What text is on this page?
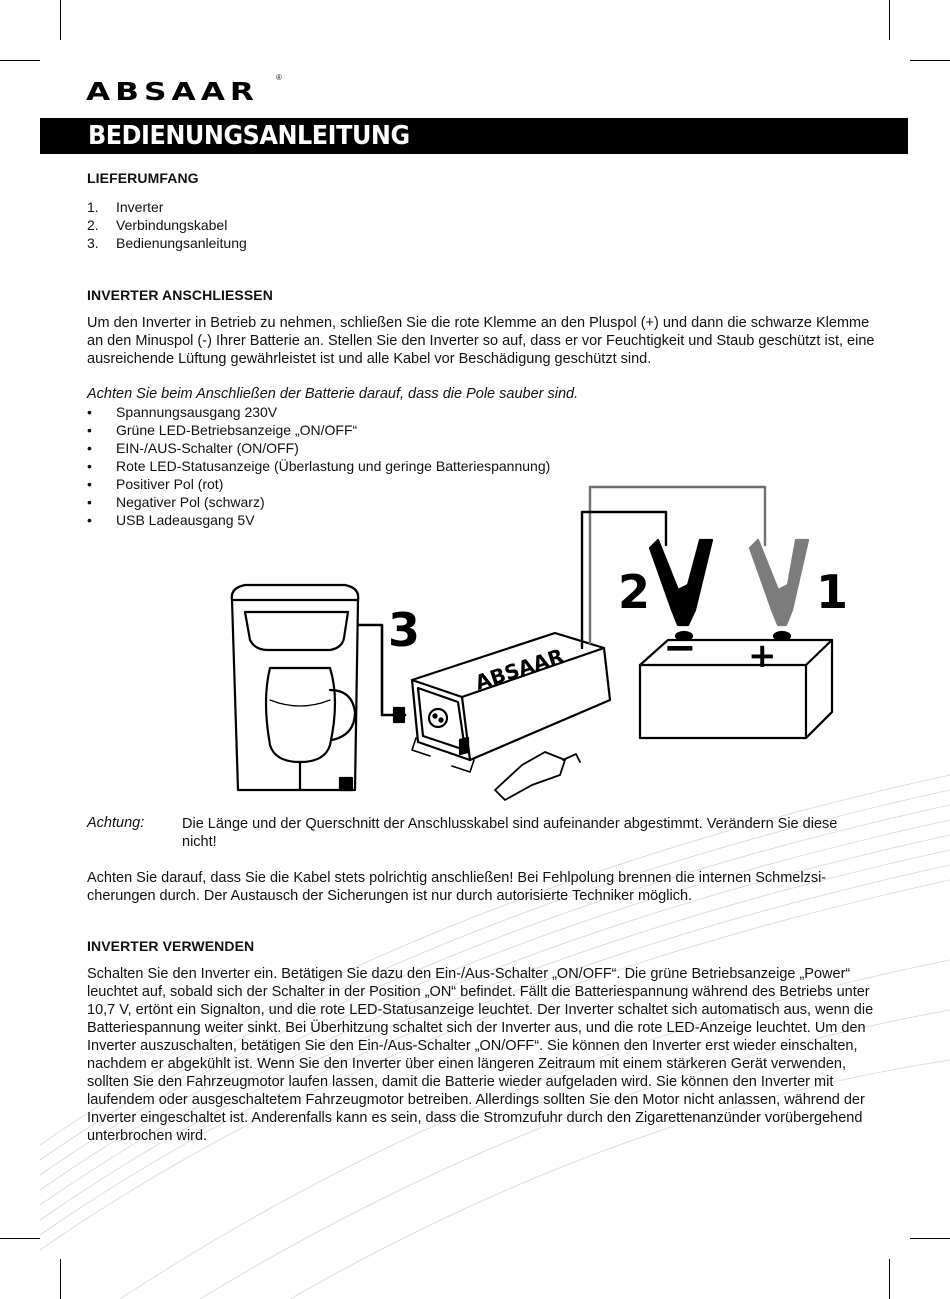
ABSAAR ®
BEDIENUNGSANLEITUNG
LIEFERUMFANG
1. Inverter
2. Verbindungskabel
3. Bedienungsanleitung
INVERTER ANSCHLIESSEN

Um den Inverter in Betrieb zu nehmen, schließen Sie die rote Klemme an den Pluspol (+) und dann die schwarze Klemme an den Minuspol (-) Ihrer Batterie an. Stellen Sie den Inverter so auf, dass er vor Feuchtigkeit und Staub geschützt ist, eine ausreichende Lüftung gewährleistet ist und alle Kabel vor Beschädigung geschützt sind.

Achten Sie beim Anschließen der Batterie darauf, dass die Pole sauber sind.

• Spannungsausgang 230V
• Grüne LED-Betriebsanzeige „ON/OFF“
• EIN-/AUS-Schalter (ON/OFF)
• Rote LED-Statusanzeige (Überlastung und geringe Batteriespannung)
• Positiver Pol (rot)
• Negativer Pol (schwarz)
• USB Ladeausgang 5V
− +
2	1
3
ABSAAR
Achtung:	Die Länge und der Querschnitt der Anschlusskabel sind aufeinander abgestimmt. Verändern Sie diese nicht!

Achten Sie darauf, dass Sie die Kabel stets polrichtig anschließen! Bei Fehlpolung brennen die internen Schmelzsi-cherungen durch. Der Austausch der Sicherungen ist nur durch autorisierte Techniker möglich.

INVERTER VERWENDEN

Schalten Sie den Inverter ein. Betätigen Sie dazu den Ein-/Aus-Schalter „ON/OFF“. Die grüne Betriebsanzeige „Power“ leuchtet auf, sobald sich der Schalter in der Position „ON“ befindet. Fällt die Batteriespannung während des Betriebs unter 10,7 V, ertönt ein Signalton, und die rote LED-Statusanzeige leuchtet. Der Inverter schaltet sich automatisch aus, wenn die Batteriespannung weiter sinkt. Bei Überhitzung schaltet sich der Inverter aus, und die rote LED-Anzeige leuchtet. Um den Inverter auszuschalten, betätigen Sie den Ein-/Aus-Schalter „ON/OFF“. Sie können den Inverter erst wieder einschalten, nachdem er abgekühlt ist. Wenn Sie den Inverter über einen längeren Zeitraum mit einem stärkeren Gerät verwenden, sollten Sie den Fahrzeugmotor laufen lassen, damit die Batterie wieder aufgeladen wird. Sie können den Inverter mit laufendem oder ausgeschaltetem Fahrzeugmotor betreiben. Allerdings sollten Sie den Motor nicht anlassen, während der Inverter eingeschaltet ist. Anderenfalls kann es sein, dass die Stromzufuhr durch den Zigarettenanzünder vorübergehend unterbrochen wird.
